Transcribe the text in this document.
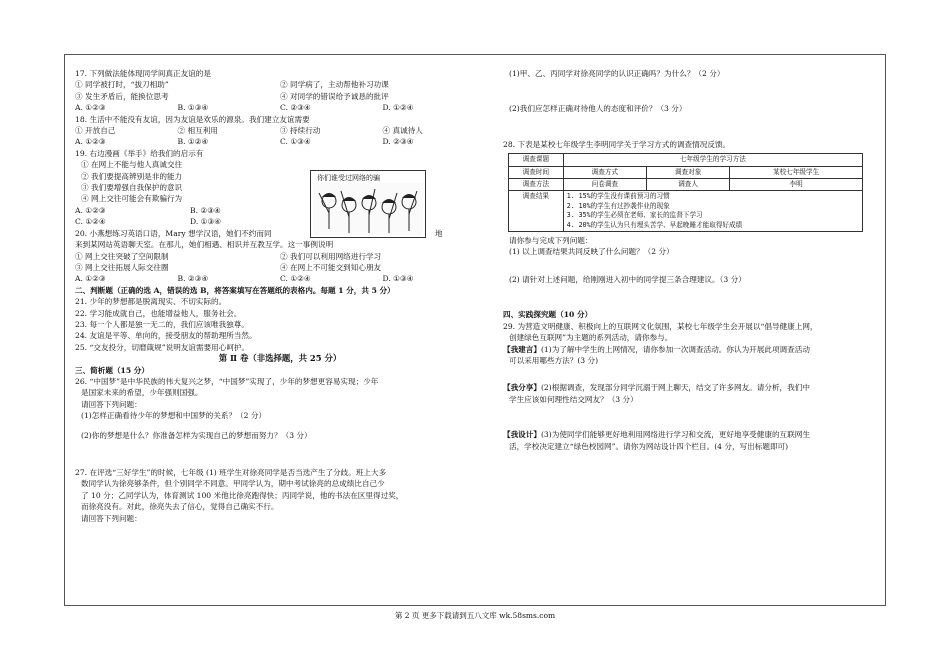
17. 下列做法能体现同学间真正友谊的是
① 同学被打时，“拔刀相助”	② 同学病了，主动帮他补习功课
③ 发生矛盾后，能换位思考	④ 对同学的错误给予诚恳的批评
A. ①②③	B. ①③④	C. ②③④	D. ①②④
18. 生活中不能没有友谊，因为友谊是欢乐的源泉。我们建立友谊需要
① 开放自己	② 相互利用	③ 持续行动	④ 真诚待人
A. ①②③	B. ①②④	C. ①③④	D. ②③④
19. 右边漫画《举手》给我们的启示有
① 在网上不能与他人真诚交往
② 我们要提高辨别是非的能力
③ 我们要增强自我保护的意识
④ 网上交往可能会有欺骗行为
A. ①②③	B. ②③④
C. ①②④	D. ①③④
20. 小燕想练习英语口语，Mary 想学汉语，她们不约而同	地
来到某网站英语聊天室。在那儿，她们相遇、相识并互教互学。这一事例说明
① 网上交往突破了空间限制	② 我们可以利用网络进行学习
③ 网上交往拓展人际交往圈	④ 在网上不可能交到知心朋友
A. ①②③	B. ②③④	C. ①②④	D. ①③④
二、判断题（正确的选 A，错误的选 B，将答案填写在答题纸的表格内。每题 1 分，共 5 分）
21. 少年的梦想都是脱离现实、不切实际的。
22. 学习能成就自己，也能增益他人，服务社会。
23. 每一个人都是独一无二的，我们应该唯我独尊。
24. 友谊是平等、单向的，接受朋友的帮助理所当然。
25. “交友投分，切磨箴规”说明友谊需要用心呵护。
第 Ⅱ 卷（非选择题，共 25 分）
三、简析题（15 分）
26. “中国梦”是中华民族的伟大复兴之梦，“中国梦”实现了，少年的梦想更容易实现；少年
是国家未来的希望，少年强则国强。
请回答下列问题：
(1)怎样正确看待少年的梦想和中国梦的关系？（2 分）
(2)你的梦想是什么？你准备怎样为实现自己的梦想而努力？（3 分）
27. 在评选“三好学生”的时候，七年级 (1) 班学生对徐亮同学是否当选产生了分歧。班上大多
数同学认为徐亮够条件，但个别同学不同意。甲同学认为，期中考试徐亮的总成绩比自己少
了 10 分；乙同学认为，体育测试 100 米他比徐亮跑得快；丙同学说，他的书法在区里得过奖，
而徐亮没有。对此，徐亮失去了信心，觉得自己确实不行。
请回答下列问题：
你们谁受过网络的骗
(1)甲、乙、丙同学对徐亮同学的认识正确吗？为什么？（2 分）
(2)我们应怎样正确对待他人的态度和评价？（3 分）
28. 下表是某校七年级学生李明同学关于学习方式的调查情况反馈。
调查课题	七年级学生的学习方法		
调查时间	调查方式	调查对象	某校七年级学生
调查方法	问卷调查	调查人	李明
调查结果	1. 15%的学生没有课前预习的习惯
2. 10%的学生有过抄袭作业的现象
3. 35%的学生必须在老师、家长的监督下学习
4. 20%的学生认为只有埋头苦学、早起晚睡才能取得好成绩		
请你参与完成下列问题：
(1) 以上调查结果共同反映了什么问题？（2 分）
(2) 请针对上述问题，给刚刚进入初中的同学提三条合理建议。（3 分）
四、实践探究题（10 分）
29. 为营造文明健康、积极向上的互联网文化氛围，某校七年级学生会开展以“倡导健康上网，
创建绿色互联网”为主题的系列活动，请你参与。
【我建言】(1)为了解中学生的上网情况，请你参加一次调查活动。你认为开展此项调查活动
可以采用哪些方法？(3 分)
【我分享】(2)根据调查，发现部分同学沉溺于网上聊天，结交了许多网友。请分析，我们中
学生应该如何理性结交网友？（3 分）
【我设计】(3)为使同学们能够更好地利用网络进行学习和交流，更好地享受健康的互联网生
活，学校决定建立“绿色校园网”。请你为网站设计四个栏目。(4 分，写出标题即可)
第 2 页 更多下载请到五八文库 wk.58sms.com
